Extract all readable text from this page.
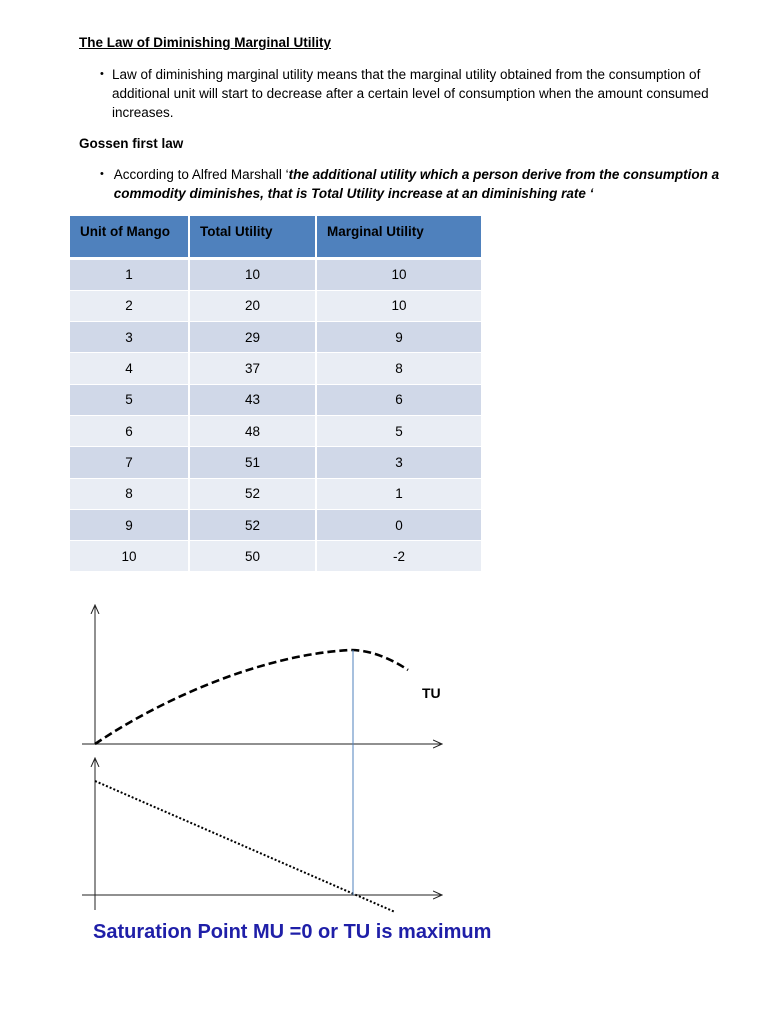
The Law of Diminishing Marginal Utility
• Law of diminishing marginal utility means that the marginal utility obtained from the consumption of additional unit will start to decrease after a certain level of consumption when the amount consumed increases.
Gossen first law
• According to Alfred Marshall ‘the additional utility which a person derive from the consumption a commodity diminishes, that is Total Utility increase at an diminishing rate ‘
Unit of Mango	Total Utility	Marginal Utility
1	10	10
2	20	10
3	29	9
4	37	8
5	43	6
6	48	5
7	51	3
8	52	1
9	52	0
10	50	-2
TU
Saturation Point MU =0 or TU is maximum
